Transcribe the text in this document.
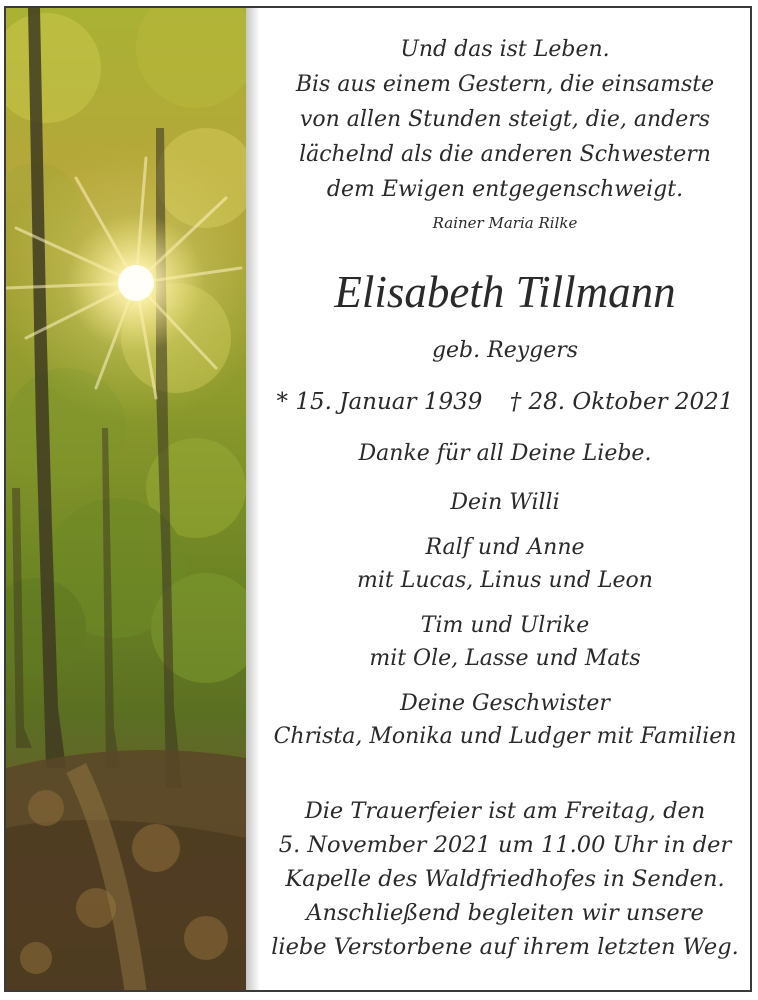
Und das ist Leben.
Bis aus einem Gestern, die einsamste
von allen Stunden steigt, die, anders
lächelnd als die anderen Schwestern
dem Ewigen entgegenschweigt.
Rainer Maria Rilke
Elisabeth Tillmann
geb. Reygers
* 15. Januar 1939 † 28. Oktober 2021
Danke für all Deine Liebe.
Dein Willi
Ralf und Anne
mit Lucas, Linus und Leon
Tim und Ulrike
mit Ole, Lasse und Mats
Deine Geschwister
Christa, Monika und Ludger mit Familien
Die Trauerfeier ist am Freitag, den
5. November 2021 um 11.00 Uhr in der
Kapelle des Waldfriedhofes in Senden.
Anschließend begleiten wir unsere
liebe Verstorbene auf ihrem letzten Weg.
